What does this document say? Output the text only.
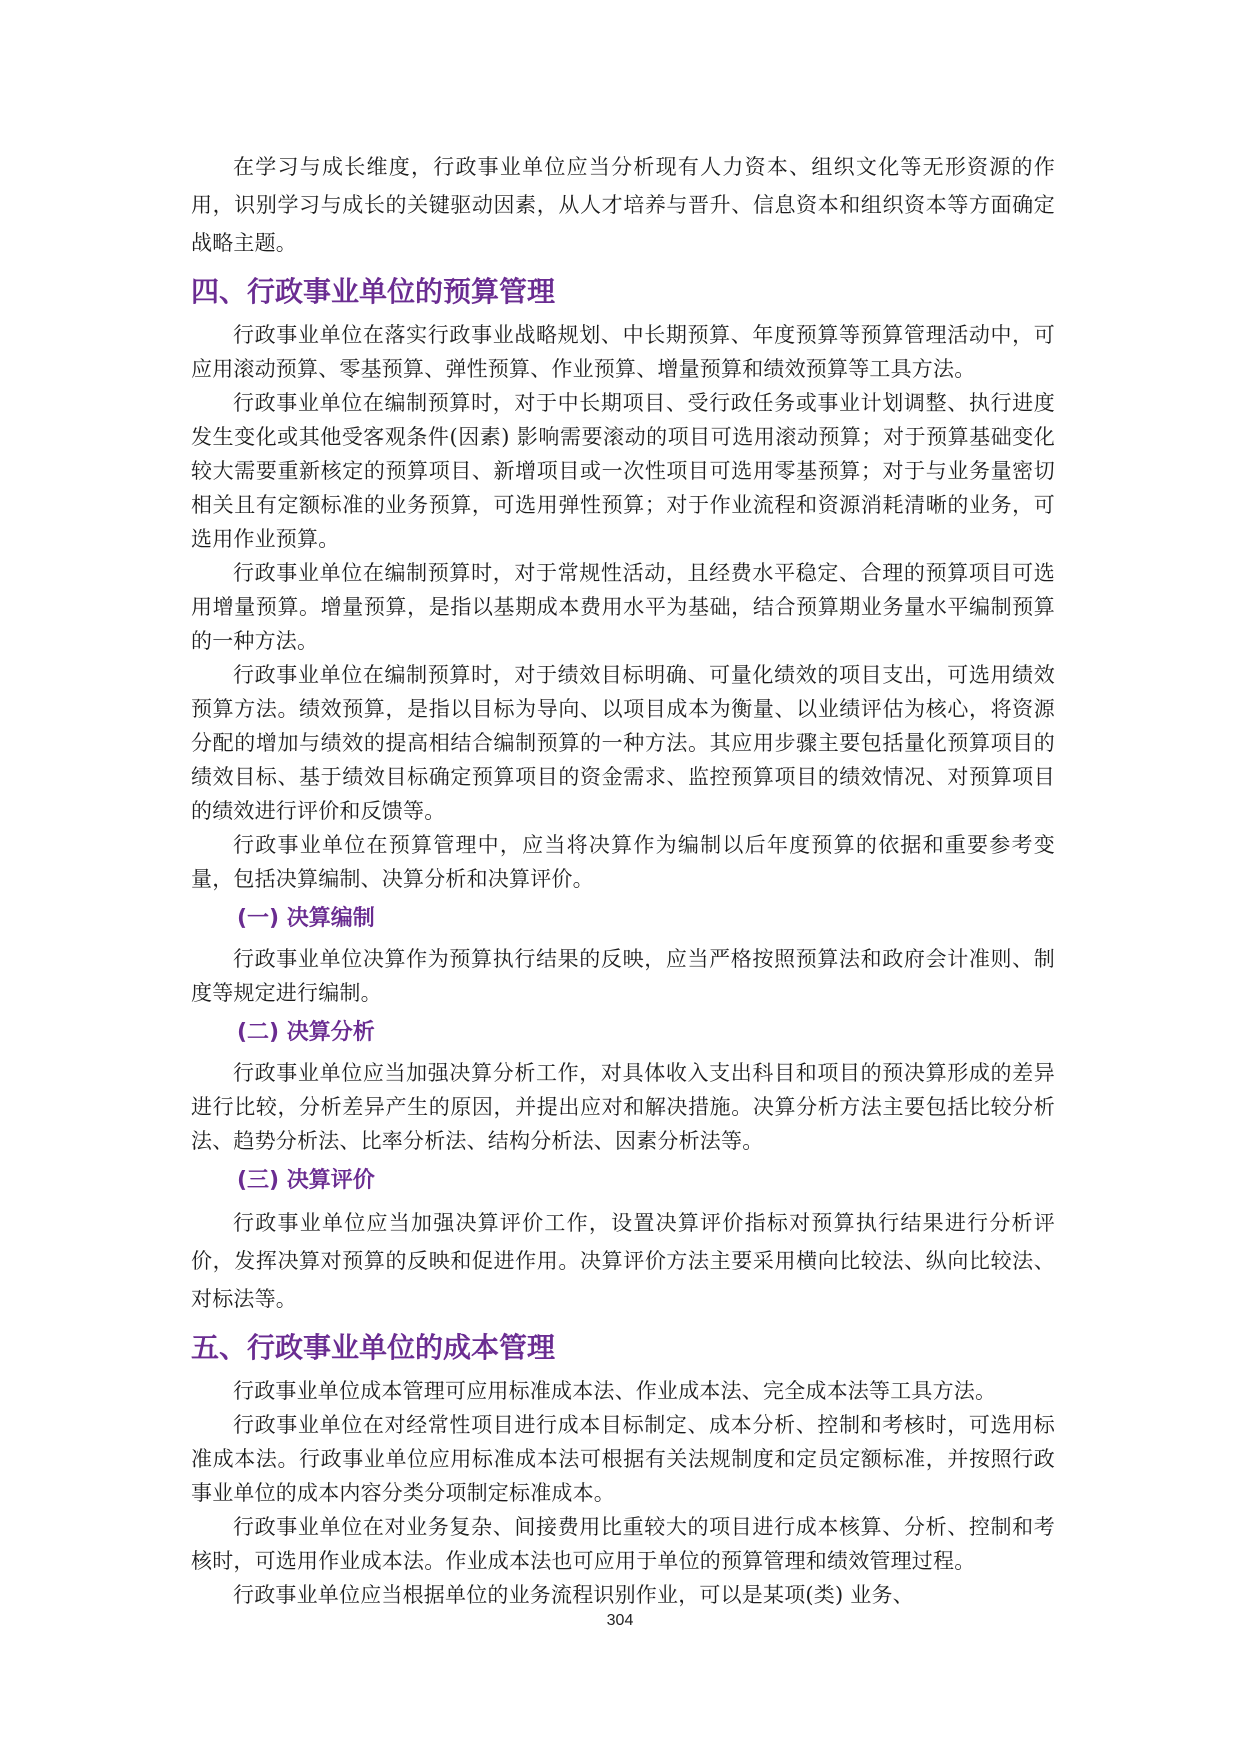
在学习与成长维度，行政事业单位应当分析现有人力资本、组织文化等无形资源的作用，识别学习与成长的关键驱动因素，从人才培养与晋升、信息资本和组织资本等方面确定战略主题。

四、行政事业单位的预算管理

行政事业单位在落实行政事业战略规划、中长期预算、年度预算等预算管理活动中，可应用滚动预算、零基预算、弹性预算、作业预算、增量预算和绩效预算等工具方法。

行政事业单位在编制预算时，对于中长期项目、受行政任务或事业计划调整、执行进度发生变化或其他受客观条件(因素) 影响需要滚动的项目可选用滚动预算；对于预算基础变化较大需要重新核定的预算项目、新增项目或一次性项目可选用零基预算；对于与业务量密切相关且有定额标准的业务预算，可选用弹性预算；对于作业流程和资源消耗清晰的业务，可选用作业预算。

行政事业单位在编制预算时，对于常规性活动，且经费水平稳定、合理的预算项目可选用增量预算。增量预算，是指以基期成本费用水平为基础，结合预算期业务量水平编制预算的一种方法。

行政事业单位在编制预算时，对于绩效目标明确、可量化绩效的项目支出，可选用绩效预算方法。绩效预算，是指以目标为导向、以项目成本为衡量、以业绩评估为核心，将资源分配的增加与绩效的提高相结合编制预算的一种方法。其应用步骤主要包括量化预算项目的绩效目标、基于绩效目标确定预算项目的资金需求、监控预算项目的绩效情况、对预算项目的绩效进行评价和反馈等。

行政事业单位在预算管理中，应当将决算作为编制以后年度预算的依据和重要参考变量，包括决算编制、决算分析和决算评价。

(一) 决算编制

行政事业单位决算作为预算执行结果的反映，应当严格按照预算法和政府会计准则、制度等规定进行编制。

(二) 决算分析

行政事业单位应当加强决算分析工作，对具体收入支出科目和项目的预决算形成的差异进行比较，分析差异产生的原因，并提出应对和解决措施。决算分析方法主要包括比较分析法、趋势分析法、比率分析法、结构分析法、因素分析法等。

(三) 决算评价

行政事业单位应当加强决算评价工作，设置决算评价指标对预算执行结果进行分析评价，发挥决算对预算的反映和促进作用。决算评价方法主要采用横向比较法、纵向比较法、对标法等。

五、行政事业单位的成本管理

行政事业单位成本管理可应用标准成本法、作业成本法、完全成本法等工具方法。

行政事业单位在对经常性项目进行成本目标制定、成本分析、控制和考核时，可选用标准成本法。行政事业单位应用标准成本法可根据有关法规制度和定员定额标准，并按照行政事业单位的成本内容分类分项制定标准成本。

行政事业单位在对业务复杂、间接费用比重较大的项目进行成本核算、分析、控制和考核时，可选用作业成本法。作业成本法也可应用于单位的预算管理和绩效管理过程。

行政事业单位应当根据单位的业务流程识别作业，可以是某项(类) 业务、

304
